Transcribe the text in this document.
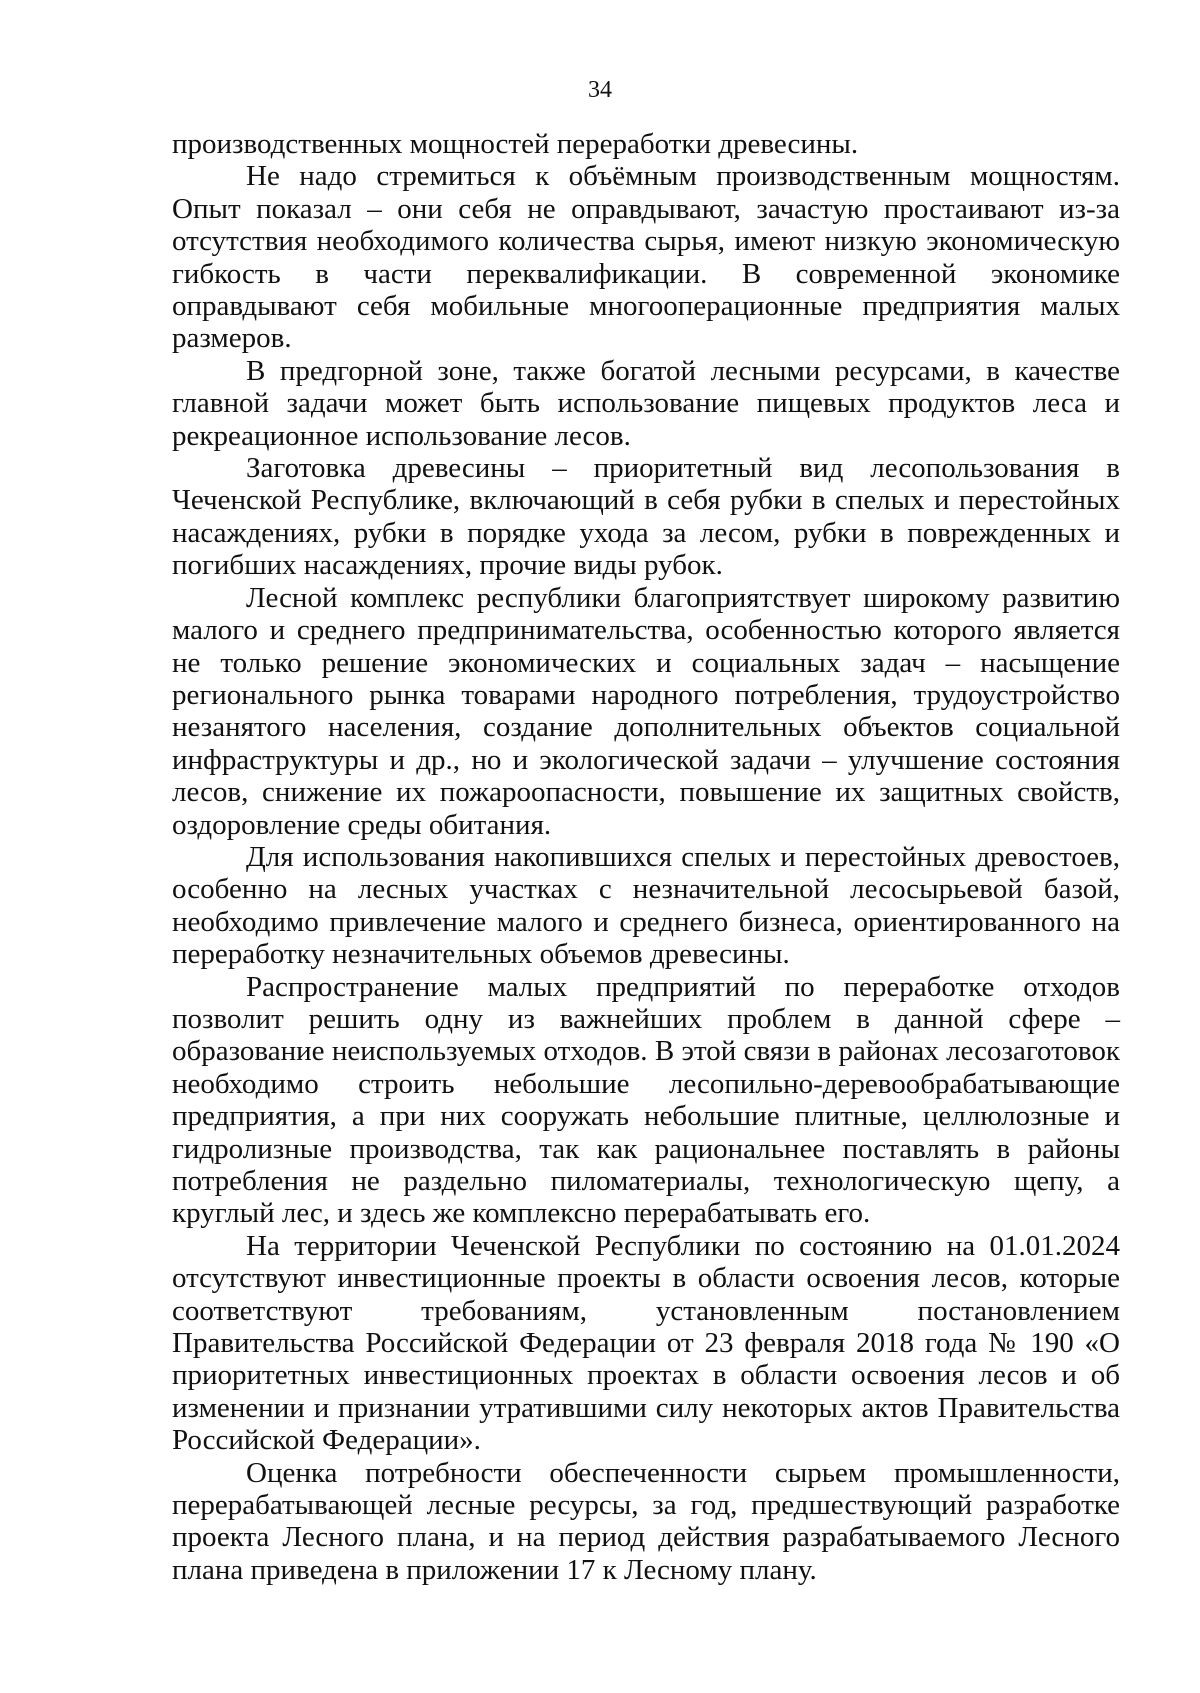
34

производственных мощностей переработки древесины.

Не надо стремиться к объёмным производственным мощностям. Опыт показал – они себя не оправдывают, зачастую простаивают из-за отсутствия необходимого количества сырья, имеют низкую экономическую гибкость в части переквалификации. В современной экономике оправдывают себя мобильные многооперационные предприятия малых размеров.

В предгорной зоне, также богатой лесными ресурсами, в качестве главной задачи может быть использование пищевых продуктов леса и рекреационное использование лесов.

Заготовка древесины – приоритетный вид лесопользования в Чеченской Республике, включающий в себя рубки в спелых и перестойных насаждениях, рубки в порядке ухода за лесом, рубки в поврежденных и погибших насаждениях, прочие виды рубок.

Лесной комплекс республики благоприятствует широкому развитию малого и среднего предпринимательства, особенностью которого является не только решение экономических и социальных задач – насыщение регионального рынка товарами народного потребления, трудоустройство незанятого населения, создание дополнительных объектов социальной инфраструктуры и др., но и экологической задачи – улучшение состояния лесов, снижение их пожароопасности, повышение их защитных свойств, оздоровление среды обитания.

Для использования накопившихся спелых и перестойных древостоев, особенно на лесных участках с незначительной лесосырьевой базой, необходимо привлечение малого и среднего бизнеса, ориентированного на переработку незначительных объемов древесины.

Распространение малых предприятий по переработке отходов позволит решить одну из важнейших проблем в данной сфере – образование неиспользуемых отходов. В этой связи в районах лесозаготовок необходимо строить небольшие лесопильно-деревообрабатывающие предприятия, а при них сооружать небольшие плитные, целлюлозные и гидролизные производства, так как рациональнее поставлять в районы потребления не раздельно пиломатериалы, технологическую щепу, а круглый лес, и здесь же комплексно перерабатывать его.

На территории Чеченской Республики по состоянию на 01.01.2024 отсутствуют инвестиционные проекты в области освоения лесов, которые соответствуют требованиям, установленным постановлением Правительства Российской Федерации от 23 февраля 2018 года № 190 «О приоритетных инвестиционных проектах в области освоения лесов и об изменении и признании утратившими силу некоторых актов Правительства Российской Федерации».

Оценка потребности обеспеченности сырьем промышленности, перерабатывающей лесные ресурсы, за год, предшествующий разработке проекта Лесного плана, и на период действия разрабатываемого Лесного плана приведена в приложении 17 к Лесному плану.
